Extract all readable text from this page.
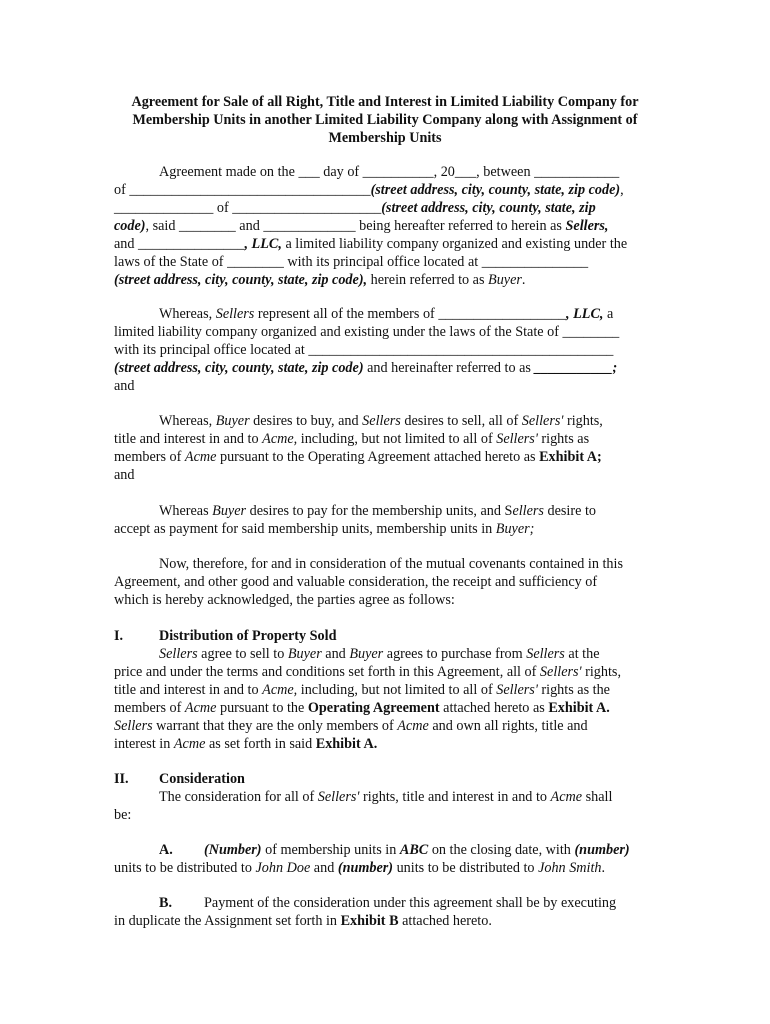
Agreement for Sale of all Right, Title and Interest in Limited Liability Company for
Membership Units in another Limited Liability Company along with Assignment of
Membership Units
Agreement made on the ___ day of __________, 20___, between ____________
of __________________________________(street address, city, county, state, zip code),
______________ of _____________________(street address, city, county, state, zip
code), said ________ and _____________ being hereafter referred to herein as Sellers,
and _______________, LLC, a limited liability company organized and existing under the
laws of the State of ________ with its principal office located at _______________
(street address, city, county, state, zip code), herein referred to as Buyer.
Whereas, Sellers represent all of the members of __________________, LLC, a
limited liability company organized and existing under the laws of the State of ________
with its principal office located at ___________________________________________
(street address, city, county, state, zip code) and hereinafter referred to as ___________;
and
Whereas, Buyer desires to buy, and Sellers desires to sell, all of Sellers' rights,
title and interest in and to Acme, including, but not limited to all of Sellers' rights as
members of Acme pursuant to the Operating Agreement attached hereto as Exhibit A;
and
Whereas Buyer desires to pay for the membership units, and Sellers desire to
accept as payment for said membership units, membership units in Buyer;
Now, therefore, for and in consideration of the mutual covenants contained in this
Agreement, and other good and valuable consideration, the receipt and sufficiency of
which is hereby acknowledged, the parties agree as follows:
I.	Distribution of Property Sold
Sellers agree to sell to Buyer and Buyer agrees to purchase from Sellers at the
price and under the terms and conditions set forth in this Agreement, all of Sellers' rights,
title and interest in and to Acme, including, but not limited to all of Sellers' rights as the
members of Acme pursuant to the Operating Agreement attached hereto as Exhibit A.
Sellers warrant that they are the only members of Acme and own all rights, title and
interest in Acme as set forth in said Exhibit A.
II. Consideration
The consideration for all of Sellers' rights, title and interest in and to Acme shall
be:
A. (Number) of membership units in ABC on the closing date, with (number)
units to be distributed to John Doe and (number) units to be distributed to John Smith.
B. Payment of the consideration under this agreement shall be by executing
in duplicate the Assignment set forth in Exhibit B attached hereto.
